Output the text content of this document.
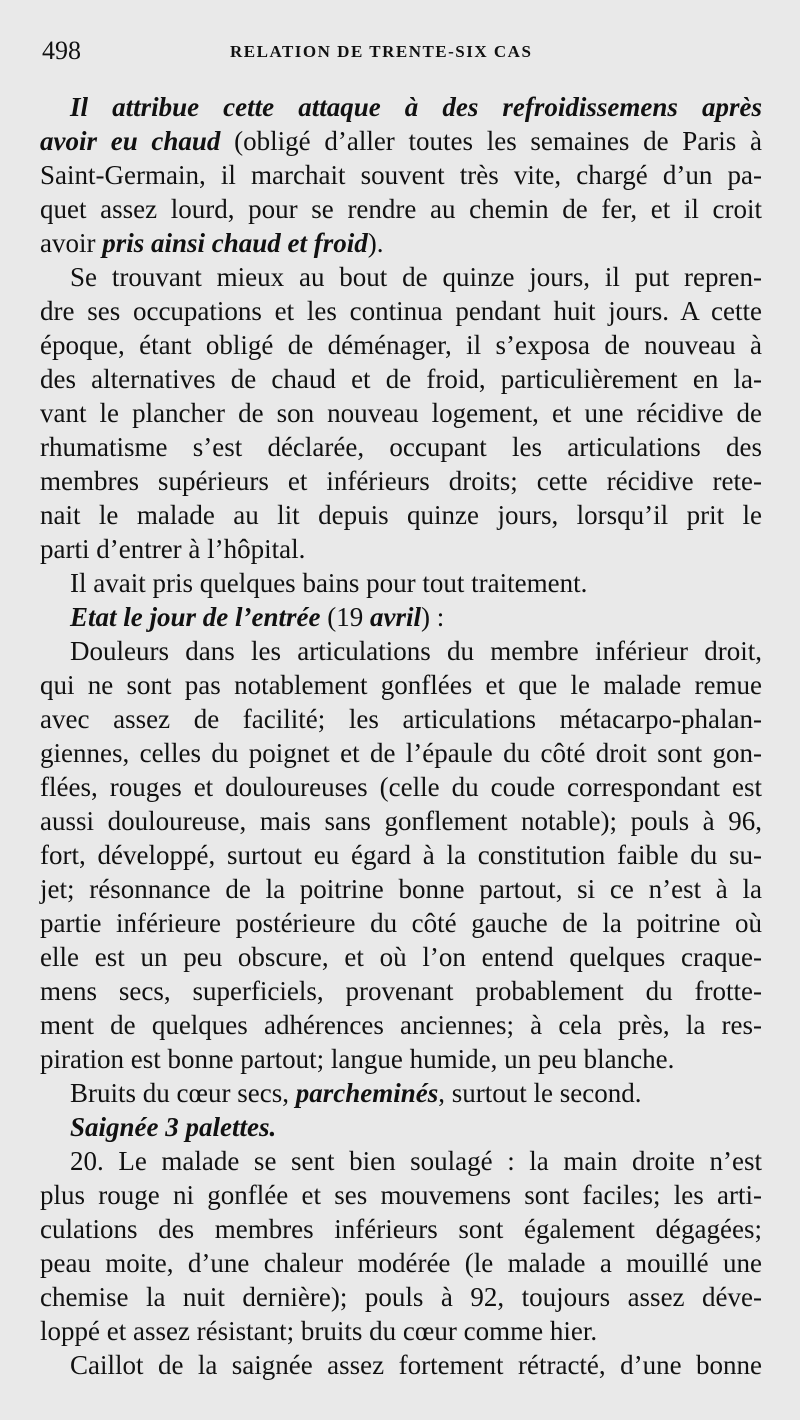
498	RELATION DE TRENTE-SIX CAS
Il attribue cette attaque à des refroidissemens après
avoir eu chaud (obligé d’aller toutes les semaines de Paris à
Saint-Germain, il marchait souvent très vite, chargé d’un pa-
quet assez lourd, pour se rendre au chemin de fer, et il croit
avoir pris ainsi chaud et froid).
Se trouvant mieux au bout de quinze jours, il put repren-
dre ses occupations et les continua pendant huit jours. A cette
époque, étant obligé de déménager, il s’exposa de nouveau à
des alternatives de chaud et de froid, particulièrement en la-
vant le plancher de son nouveau logement, et une récidive de
rhumatisme s’est déclarée, occupant les articulations des
membres supérieurs et inférieurs droits; cette récidive rete-
nait le malade au lit depuis quinze jours, lorsqu’il prit le
parti d’entrer à l’hôpital.
Il avait pris quelques bains pour tout traitement.
Etat le jour de l’entrée (19 avril) :
Douleurs dans les articulations du membre inférieur droit,
qui ne sont pas notablement gonflées et que le malade remue
avec assez de facilité; les articulations métacarpo-phalan-
giennes, celles du poignet et de l’épaule du côté droit sont gon-
flées, rouges et douloureuses (celle du coude correspondant est
aussi douloureuse, mais sans gonflement notable); pouls à 96,
fort, développé, surtout eu égard à la constitution faible du su-
jet; résonnance de la poitrine bonne partout, si ce n’est à la
partie inférieure postérieure du côté gauche de la poitrine où
elle est un peu obscure, et où l’on entend quelques craque-
mens secs, superficiels, provenant probablement du frotte-
ment de quelques adhérences anciennes; à cela près, la res-
piration est bonne partout; langue humide, un peu blanche.
Bruits du cœur secs, parcheminés, surtout le second.
Saignée 3 palettes.
20. Le malade se sent bien soulagé : la main droite n’est
plus rouge ni gonflée et ses mouvemens sont faciles; les arti-
culations des membres inférieurs sont également dégagées;
peau moite, d’une chaleur modérée (le malade a mouillé une
chemise la nuit dernière); pouls à 92, toujours assez déve-
loppé et assez résistant; bruits du cœur comme hier.
Caillot de la saignée assez fortement rétracté, d’une bonne
